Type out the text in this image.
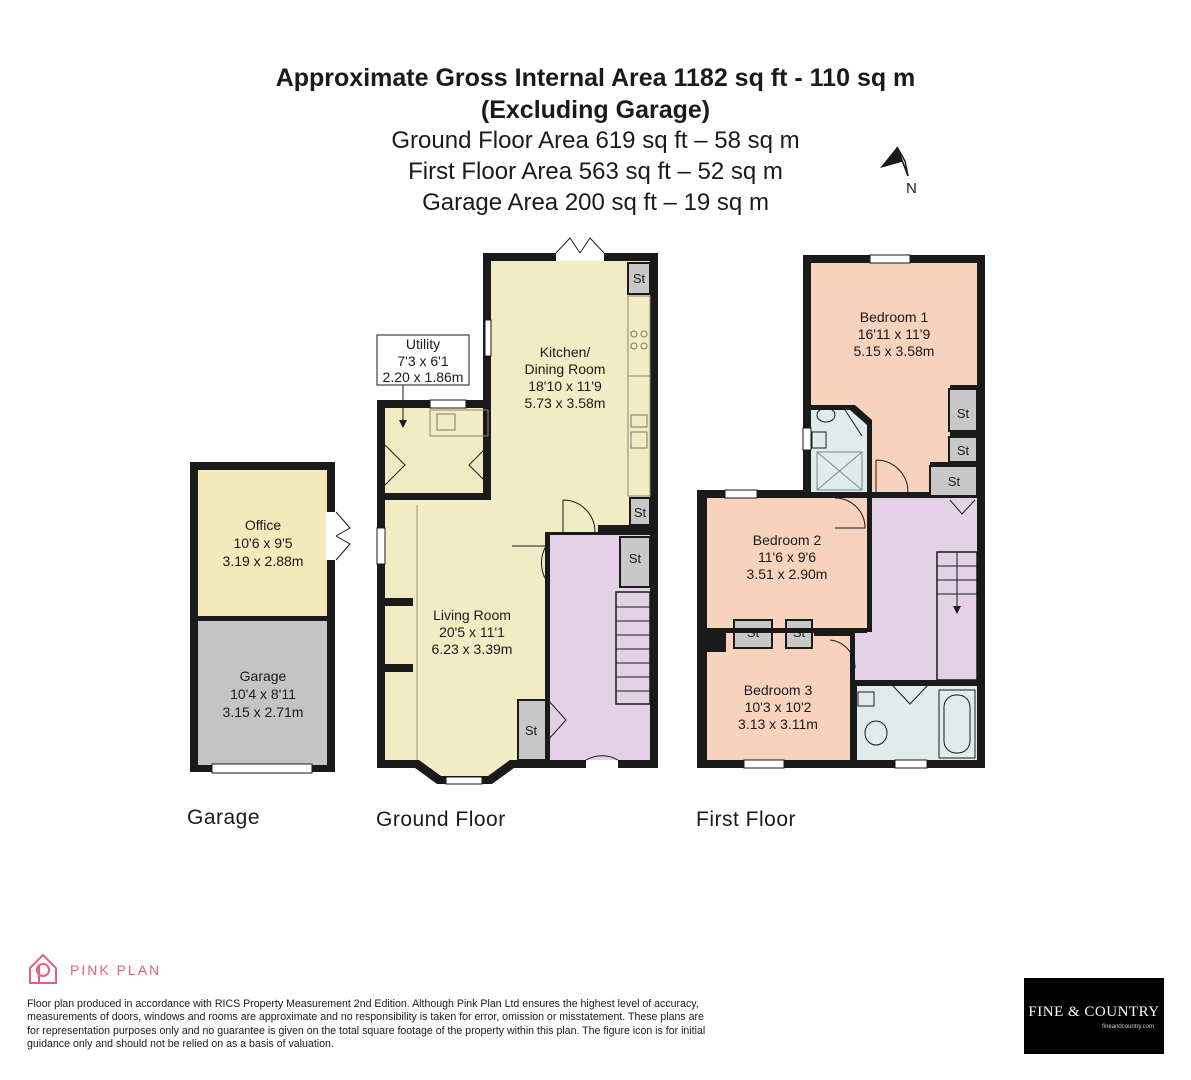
Approximate Gross Internal Area 1182 sq ft - 110 sq m
(Excluding Garage)
Ground Floor Area 619 sq ft – 58 sq m
First Floor Area 563 sq ft – 52 sq m
Garage Area 200 sq ft – 19 sq m
N
Office
10'6 x 9'5
3.19 x 2.88m
Garage
10'4 x 8'11
3.15 x 2.71m
Utility
7'3 x 6'1
2.20 x 1.86m
Kitchen/
Dining Room
18'10 x 11'9
5.73 x 3.58m
Living Room
20'5 x 11'1
6.23 x 3.39m
St
St
St
St
Bedroom 1
16'11 x 11'9
5.15 x 3.58m
Bedroom 2
11'6 x 9'6
3.51 x 2.90m
Bedroom 3
10'3 x 10'2
3.13 x 3.11m
St
St
St
St	St
Garage	Ground Floor	First Floor
PINK PLAN
Floor plan produced in accordance with RICS Property Measurement 2nd Edition. Although Pink Plan Ltd ensures the highest level of accuracy, measurements of doors, windows and rooms are approximate and no responsibility is taken for error, omission or misstatement. These plans are for representation purposes only and no guarantee is given on the total square footage of the property within this plan. The figure icon is for initial guidance only and should not be relied on as a basis of valuation.
FINE & COUNTRY
fineandcountry.com
